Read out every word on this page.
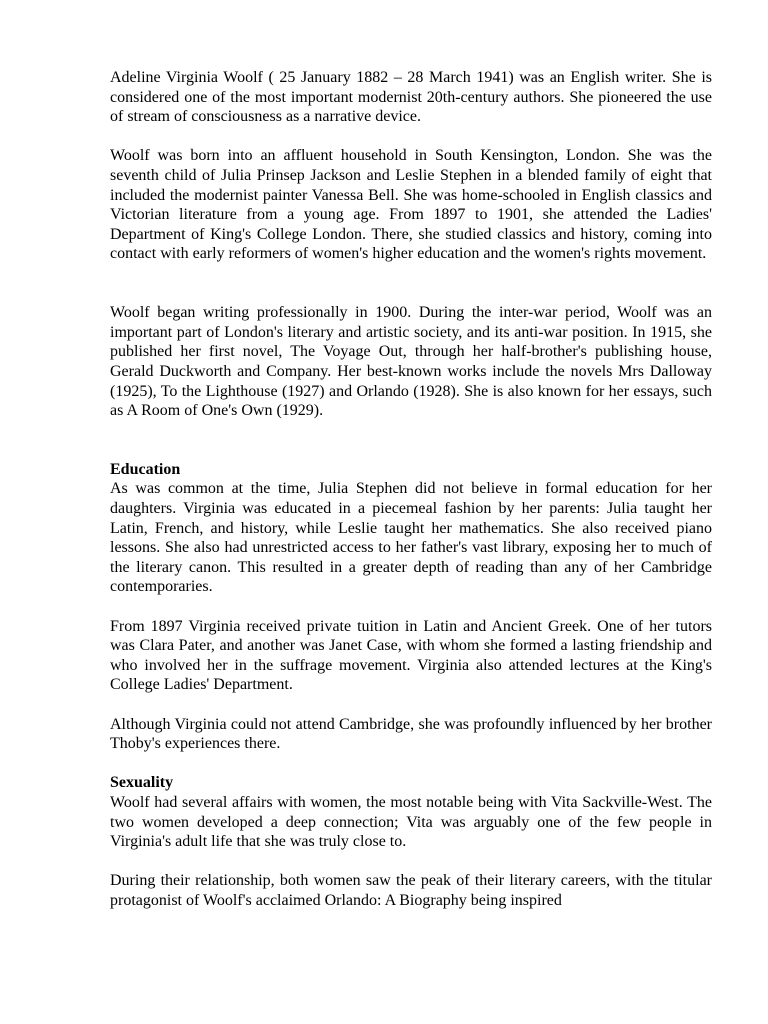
Adeline Virginia Woolf ( 25 January 1882 – 28 March 1941) was an English writer. She is considered one of the most important modernist 20th-century authors. She pioneered the use of stream of consciousness as a narrative device.

Woolf was born into an affluent household in South Kensington, London. She was the seventh child of Julia Prinsep Jackson and Leslie Stephen in a blended family of eight that included the modernist painter Vanessa Bell. She was home-schooled in English classics and Victorian literature from a young age. From 1897 to 1901, she attended the Ladies' Department of King's College London. There, she studied classics and history, coming into contact with early reformers of women's higher education and the women's rights movement.

Woolf began writing professionally in 1900. During the inter-war period, Woolf was an important part of London's literary and artistic society, and its anti-war position. In 1915, she published her first novel, The Voyage Out, through her half-brother's publishing house, Gerald Duckworth and Company. Her best-known works include the novels Mrs Dalloway (1925), To the Lighthouse (1927) and Orlando (1928). She is also known for her essays, such as A Room of One's Own (1929).

Education

As was common at the time, Julia Stephen did not believe in formal education for her daughters. Virginia was educated in a piecemeal fashion by her parents: Julia taught her Latin, French, and history, while Leslie taught her mathematics. She also received piano lessons. She also had unrestricted access to her father's vast library, exposing her to much of the literary canon. This resulted in a greater depth of reading than any of her Cambridge contemporaries.

From 1897 Virginia received private tuition in Latin and Ancient Greek. One of her tutors was Clara Pater, and another was Janet Case, with whom she formed a lasting friendship and who involved her in the suffrage movement. Virginia also attended lectures at the King's College Ladies' Department.

Although Virginia could not attend Cambridge, she was profoundly influenced by her brother Thoby's experiences there.

Sexuality

Woolf had several affairs with women, the most notable being with Vita Sackville-West. The two women developed a deep connection; Vita was arguably one of the few people in Virginia's adult life that she was truly close to.

During their relationship, both women saw the peak of their literary careers, with the titular protagonist of Woolf's acclaimed Orlando: A Biography being inspired
